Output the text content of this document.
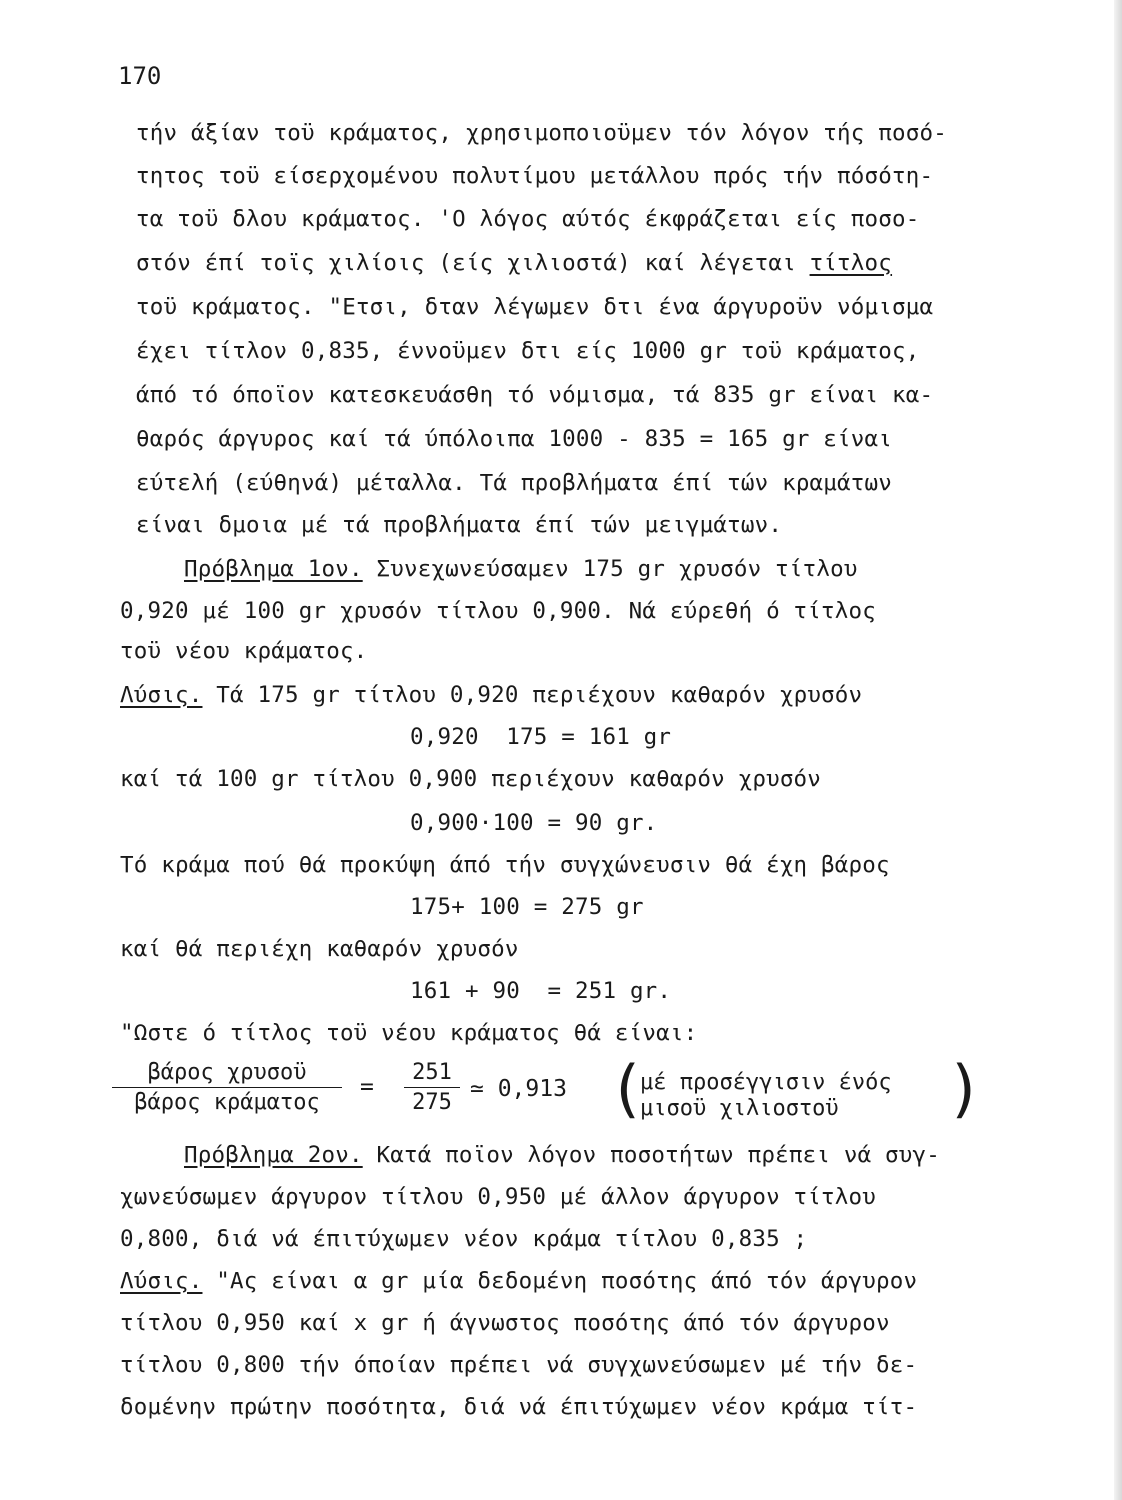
170
τήν άξίαν τοϋ κράματος, χρησιμοποιοϋμεν τόν λόγον τής ποσό-
τητος τοϋ είσερχομένου πολυτίμου μετάλλου πρός τήν πόσότη-
τα τοϋ δλου κράματος. 'Ο λόγος αύτός έκφράζεται είς ποσο-
στόν έπί τοϊς χιλίοις (είς χιλιοστά) καί λέγεται τίτλος
τοϋ κράματος. "Ετσι, δταν λέγωμεν δτι ένα άργυροϋν νόμισμα
έχει τίτλον 0,835, έννοϋμεν δτι είς 1000 gr τοϋ κράματος,
άπό τό όποϊον κατεσκευάσθη τό νόμισμα, τά 835 gr είναι κα-
θαρός άργυρος καί τά ύπόλοιπα 1000 - 835 = 165 gr είναι
εύτελή (εύθηνά) μέταλλα. Τά προβλήματα έπί τών κραμάτων
είναι δμοια μέ τά προβλήματα έπί τών μειγμάτων.
Πρόβλημα 1ον. Συνεχωνεύσαμεν 175 gr χρυσόν τίτλου
0,920 μέ 100 gr χρυσόν τίτλου 0,900. Νά εύρεθή ό τίτλος
τοϋ νέου κράματος.
Λύσις. Τά 175 gr τίτλου 0,920 περιέχουν καθαρόν χρυσόν
0,920  175 = 161 gr
καί τά 100 gr τίτλου 0,900 περιέχουν καθαρόν χρυσόν
0,900·100 = 90 gr.
Τό κράμα πού θά προκύψη άπό τήν συγχώνευσιν θά έχη βάρος
175+ 100 = 275 gr
καί θά περιέχη καθαρόν χρυσόν
161 + 90  = 251 gr.
"Ωστε ό τίτλος τοϋ νέου κράματος θά είναι:
βάρος χρυσοϋ
βάρος κράματος
= $\frac{251}{275}$ ≃ 0,913 (
μέ προσέγγισιν ένός
μισοϋ χιλιοστοϋ )
Πρόβλημα 2ον. Κατά ποϊον λόγον ποσοτήτων πρέπει νά συγ-
χωνεύσωμεν άργυρον τίτλου 0,950 μέ άλλον άργυρον τίτλου
0,800, διά νά έπιτύχωμεν νέον κράμα τίτλου 0,835 ;
Λύσις. "Ας είναι α gr μία δεδομένη ποσότης άπό τόν άργυρον
τίτλου 0,950 καί x gr ή άγνωστος ποσότης άπό τόν άργυρον
τίτλου 0,800 τήν όποίαν πρέπει νά συγχωνεύσωμεν μέ τήν δε-
δομένην πρώτην ποσότητα, διά νά έπιτύχωμεν νέον κράμα τίτ-
